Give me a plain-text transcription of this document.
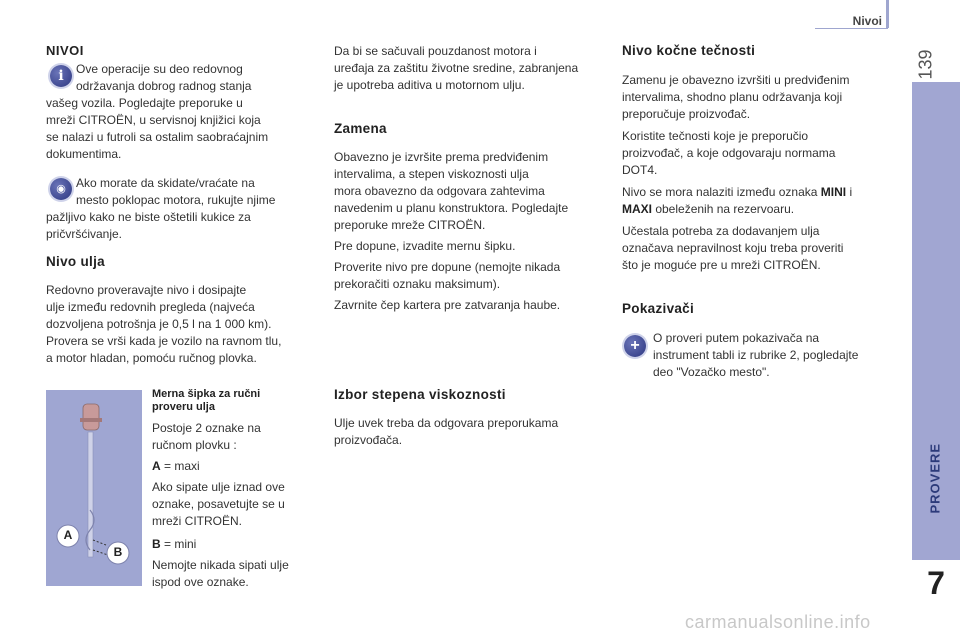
Nivoi
139
PROVERE
7
NIVOI
i	Ove operacije su deo redovnog

održavanja dobrog radnog stanja

vašeg vozila. Pogledajte preporuke u

mreži CITROËN, u servisnoj knjižici koja

se nalazi u futroli sa ostalim saobraćajnim

dokumentima.

◉ Ako morate da skidate/vraćate na

mesto poklopac motora, rukujte njime

pažljivo kako ne biste oštetili kukice za

pričvršćivanje.

Nivo ulja

Redovno proveravajte nivo i dosipajte

ulje između redovnih pregleda (najveća

dozvoljena potrošnja je 0,5 l na 1 000 km).

Provera se vrši kada je vozilo na ravnom tlu,

a motor hladan, pomoću ručnog plovka.

A
B
Merna šipka za ručni
proveru ulja

Postoje 2 oznake na

ručnom plovku :

A = maxi

Ako sipate ulje iznad ove

oznake, posavetujte se u

mreži CITROËN.

B = mini

Nemojte nikada sipati ulje

ispod ove oznake.

Da bi se sačuvali pouzdanost motora i

uređaja za zaštitu životne sredine, zabranjena

je upotreba aditiva u motornom ulju.

Zamena

Obavezno je izvršite prema predviđenim

intervalima, a stepen viskoznosti ulja

mora obavezno da odgovara zahtevima

navedenim u planu konstruktora. Pogledajte

preporuke mreže CITROËN.

Pre dopune, izvadite mernu šipku.

Proverite nivo pre dopune (nemojte nikada

prekoračiti oznaku maksimum).

Zavrnite čep kartera pre zatvaranja haube.

Izbor stepena viskoznosti

Ulje uvek treba da odgovara preporukama

proizvođača.

Nivo kočne tečnosti

Zamenu je obavezno izvršiti u predviđenim

intervalima, shodno planu održavanja koji

preporučuje proizvođač.

Koristite tečnosti koje je preporučio

proizvođač, a koje odgovaraju normama

DOT4.

Nivo se mora nalaziti između oznaka MINI i

MAXI obeleženih na rezervoaru.

Učestala potreba za dodavanjem ulja

označava nepravilnost koju treba proveriti

što je moguće pre u mreži CITROËN.

Pokazivači
+	O proveri putem pokazivača na

instrument tabli iz rubrike 2, pogledajte

deo "Vozačko mesto".

carmanualsonline.info
